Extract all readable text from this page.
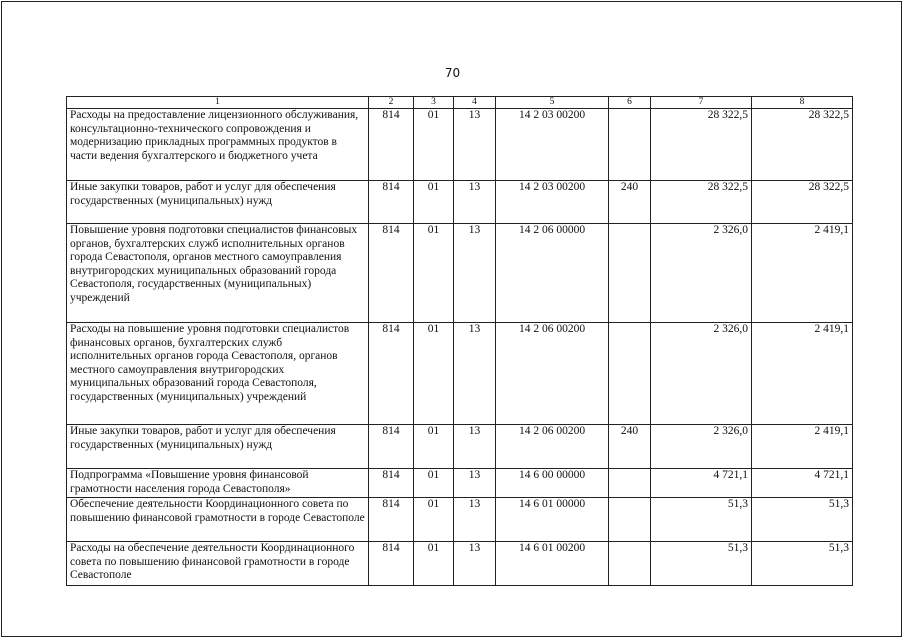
70
1	2	3	4	5	6	7	8
Расходы на предоставление лицензионного обслуживания, консультационно-технического сопровождения и модернизацию прикладных программных продуктов в части ведения бухгалтерского и бюджетного учета	814	01	13	14 2 03 00200		28 322,5	28 322,5
Иные закупки товаров, работ и услуг для обеспечения государственных (муниципальных) нужд	814	01	13	14 2 03 00200	240	28 322,5	28 322,5
Повышение уровня подготовки специалистов финансовых органов, бухгалтерских служб исполнительных органов города Севастополя, органов местного самоуправления внутригородских муниципальных образований города Севастополя, государственных (муниципальных) учреждений	814	01	13	14 2 06 00000		2 326,0	2 419,1
Расходы на повышение уровня подготовки специалистов финансовых органов, бухгалтерских служб исполнительных органов города Севастополя, органов местного самоуправления внутригородских муниципальных образований города Севастополя, государственных (муниципальных) учреждений	814	01	13	14 2 06 00200		2 326,0	2 419,1
Иные закупки товаров, работ и услуг для обеспечения государственных (муниципальных) нужд	814	01	13	14 2 06 00200	240	2 326,0	2 419,1
Подпрограмма «Повышение уровня финансовой грамотности населения города Севастополя»	814	01	13	14 6 00 00000		4 721,1	4 721,1
Обеспечение деятельности Координационного совета по повышению финансовой грамотности в городе Севастополе	814	01	13	14 6 01 00000		51,3	51,3
Расходы на обеспечение деятельности Координационного совета по повышению финансовой грамотности в городе Севастополе	814	01	13	14 6 01 00200		51,3	51,3
